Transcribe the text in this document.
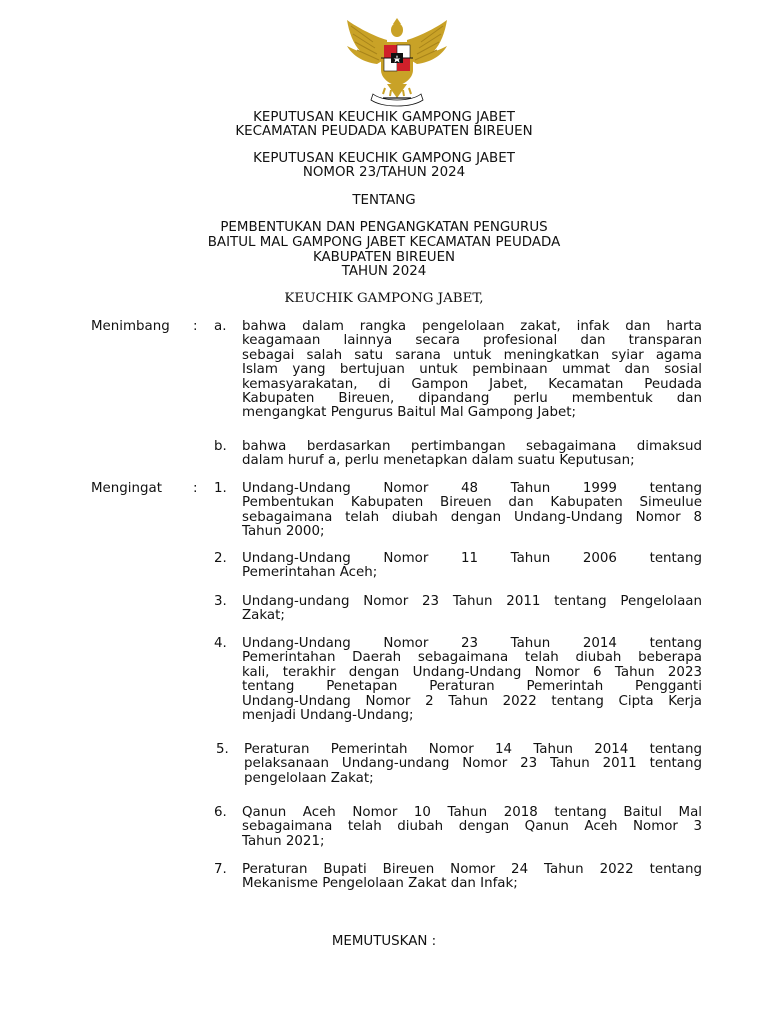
KEPUTUSAN KEUCHIK GAMPONG JABET
KECAMATAN PEUDADA KABUPATEN BIREUEN
KEPUTUSAN KEUCHIK GAMPONG JABET
NOMOR 23/TAHUN 2024
TENTANG
PEMBENTUKAN DAN PENGANGKATAN PENGURUS
BAITUL MAL GAMPONG JABET KECAMATAN PEUDADA
KABUPATEN BIREUEN
TAHUN 2024
KEUCHIK GAMPONG JABET,
Menimbang : a. bahwa dalam rangka pengelolaan zakat, infak dan harta
keagamaan lainnya secara profesional dan transparan
sebagai salah satu sarana untuk meningkatkan syiar agama
Islam yang bertujuan untuk pembinaan ummat dan sosial
kemasyarakatan, di Gampon Jabet, Kecamatan Peudada
Kabupaten Bireuen, dipandang perlu membentuk dan
mengangkat Pengurus Baitul Mal Gampong Jabet;
b. bahwa berdasarkan pertimbangan sebagaimana dimaksud
dalam huruf a, perlu menetapkan dalam suatu Keputusan;
Mengingat : 1. Undang-Undang Nomor 48 Tahun 1999 tentang
Pembentukan Kabupaten Bireuen dan Kabupaten Simeulue
sebagaimana telah diubah dengan Undang-Undang Nomor 8
Tahun 2000;
2. Undang-Undang Nomor 11 Tahun 2006 tentang
Pemerintahan Aceh;
3. Undang-undang Nomor 23 Tahun 2011 tentang Pengelolaan
Zakat;
4. Undang-Undang Nomor 23 Tahun 2014 tentang
Pemerintahan Daerah sebagaimana telah diubah beberapa
kali, terakhir dengan Undang-Undang Nomor 6 Tahun 2023
tentang Penetapan Peraturan Pemerintah Pengganti
Undang-Undang Nomor 2 Tahun 2022 tentang Cipta Kerja
menjadi Undang-Undang;
5. Peraturan Pemerintah Nomor 14 Tahun 2014 tentang
pelaksanaan Undang-undang Nomor 23 Tahun 2011 tentang
pengelolaan Zakat;
6. Qanun Aceh Nomor 10 Tahun 2018 tentang Baitul Mal
sebagaimana telah diubah dengan Qanun Aceh Nomor 3
Tahun 2021;
7. Peraturan Bupati Bireuen Nomor 24 Tahun 2022 tentang
Mekanisme Pengelolaan Zakat dan Infak;
MEMUTUSKAN :
